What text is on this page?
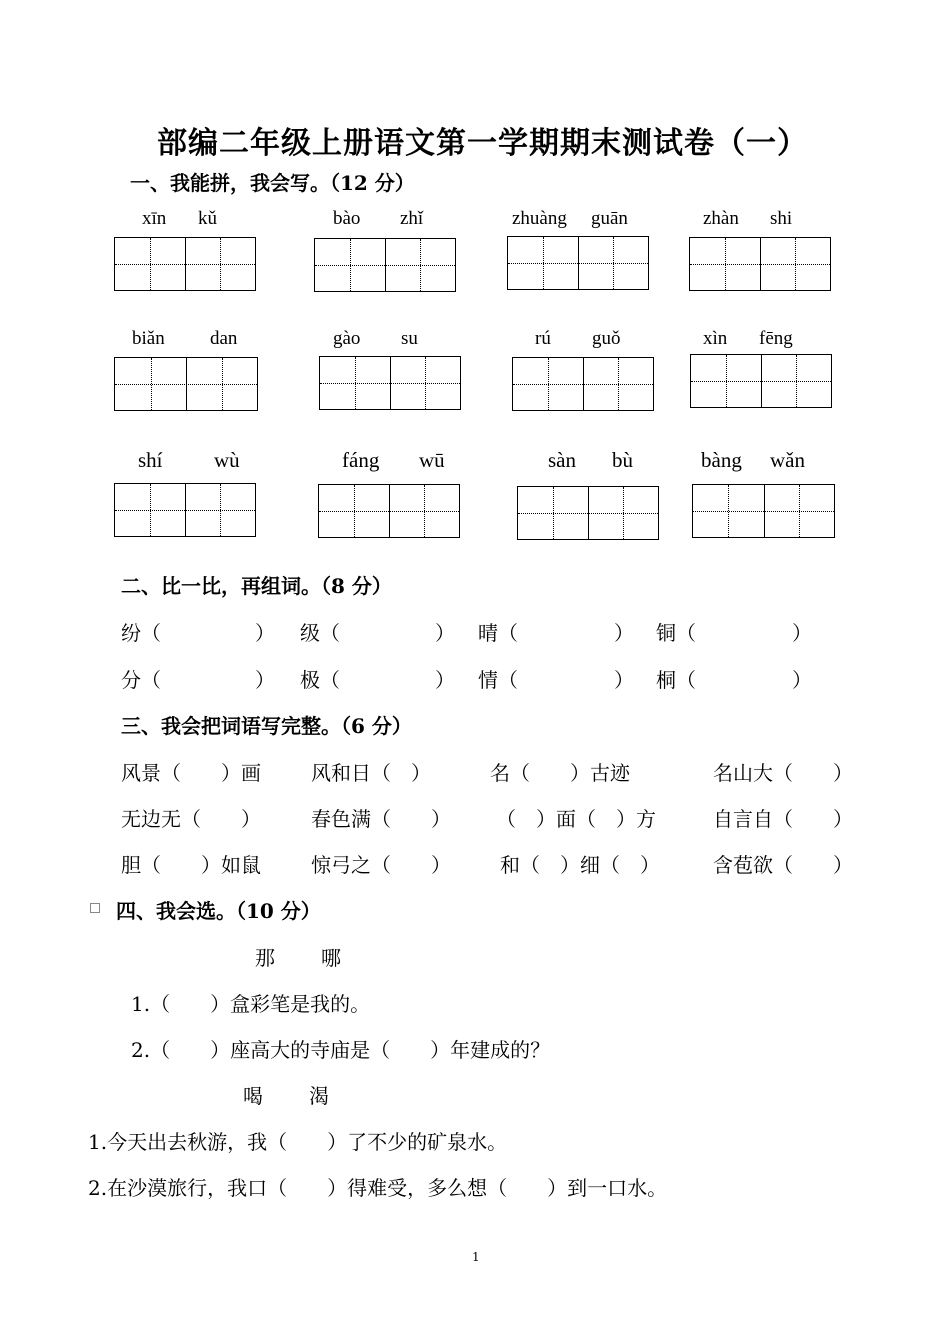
部编二年级上册语文第一学期期末测试卷（一）
一、我能拼，我会写。（12 分）
xīn kǔ	bào zhǐ	zhuàng guān	zhàn shi
biǎn dan	gào su	rú guǒ	xìn fēng
shí wù	fáng wū	sàn bù	bàng wǎn
二、比一比，再组词。（8 分）
纷（	） 级（	） 晴（	） 铜（	）
分（	） 极（	） 情（	） 桐（	）
三、我会把词语写完整。（6 分）
风景（　　）画	风和日（　）	名（　　）古迹	名山大（　　）
无边无（　　）	春色满（　　） （　）面（　）方	自言自（　　）
胆（　　）如鼠	惊弓之（　　） 和（　）细（　）	含苞欲（　　）
四、我会选。（10 分）
那 哪
1.（　　）盒彩笔是我的。
2.（　　）座高大的寺庙是（　　）年建成的？
喝 渴
1.今天出去秋游，我（　　）了不少的矿泉水。
2.在沙漠旅行，我口（　　）得难受，多么想（　　）到一口水。
1
